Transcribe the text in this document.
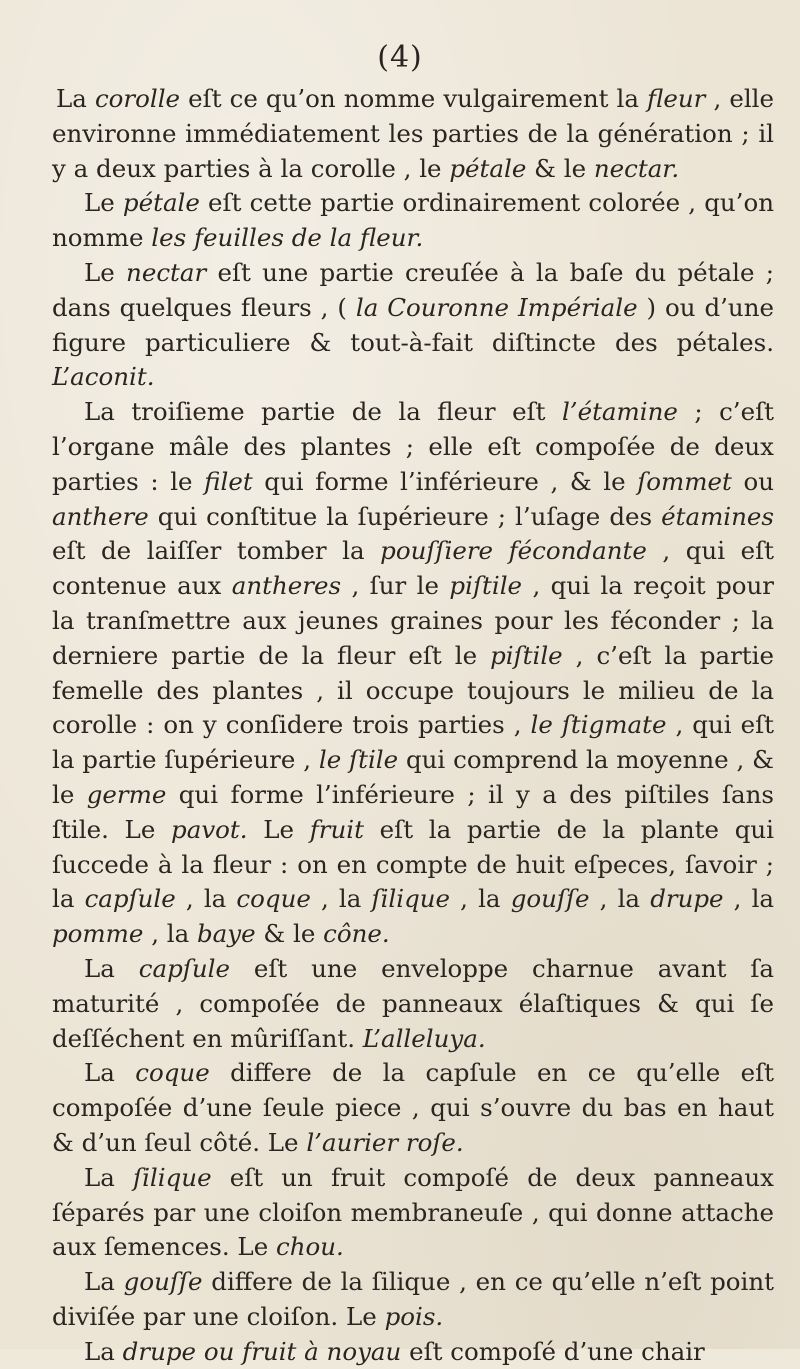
(4)

La corolle eſt ce qu’on nomme vulgairement la fleur , elle environne immédiatement les parties de la génération ; il y a deux parties à la corolle , le pétale & le nectar.

Le pétale eſt cette partie ordinairement colorée , qu’on nomme les feuilles de la fleur.

Le nectar eſt une partie creuſée à la baſe du pétale ; dans quelques fleurs , ( la Couronne Impériale ) ou d’une figure particuliere & tout-à-fait diſtincte des pétales. L’aconit.

La troiſieme partie de la fleur eſt l’étamine ; c’eſt l’organe mâle des plantes ; elle eſt compoſée de deux parties : le filet qui forme l’inférieure , & le ſommet ou anthere qui conſtitue la ſupérieure ; l’uſage des étamines eſt de laiſſer tomber la pouſſiere fécondante , qui eſt contenue aux antheres , ſur le piſtile , qui la reçoit pour la tranſmettre aux jeunes graines pour les féconder ; la derniere partie de la fleur eſt le piſtile , c’eſt la partie femelle des plantes , il occupe toujours le milieu de la corolle : on y conſidere trois parties , le ſtigmate , qui eſt la partie ſupérieure , le ſtile qui comprend la moyenne , & le germe qui forme l’inférieure ; il y a des piſtiles ſans ſtile. Le pavot. Le fruit eſt la partie de la plante qui ſuccede à la fleur : on en compte de huit eſpeces, ſavoir ; la capſule , la coque , la ſilique , la gouſſe , la drupe , la pomme , la baye & le cône.

La capſule eſt une enveloppe charnue avant ſa maturité , compoſée de panneaux élaſtiques & qui ſe deſſéchent en mûriſſant. L’alleluya.

La coque differe de la capſule en ce qu’elle eſt compoſée d’une ſeule piece , qui s’ouvre du bas en haut & d’un ſeul côté. Le l’aurier roſe.

La ſilique eſt un fruit compoſé de deux panneaux ſéparés par une cloiſon membraneuſe , qui donne attache aux ſemences. Le chou.

La gouſſe differe de la ſilique , en ce qu’elle n’eſt point diviſée par une cloiſon. Le pois.

La drupe ou fruit à noyau eſt compoſé d’une chair
